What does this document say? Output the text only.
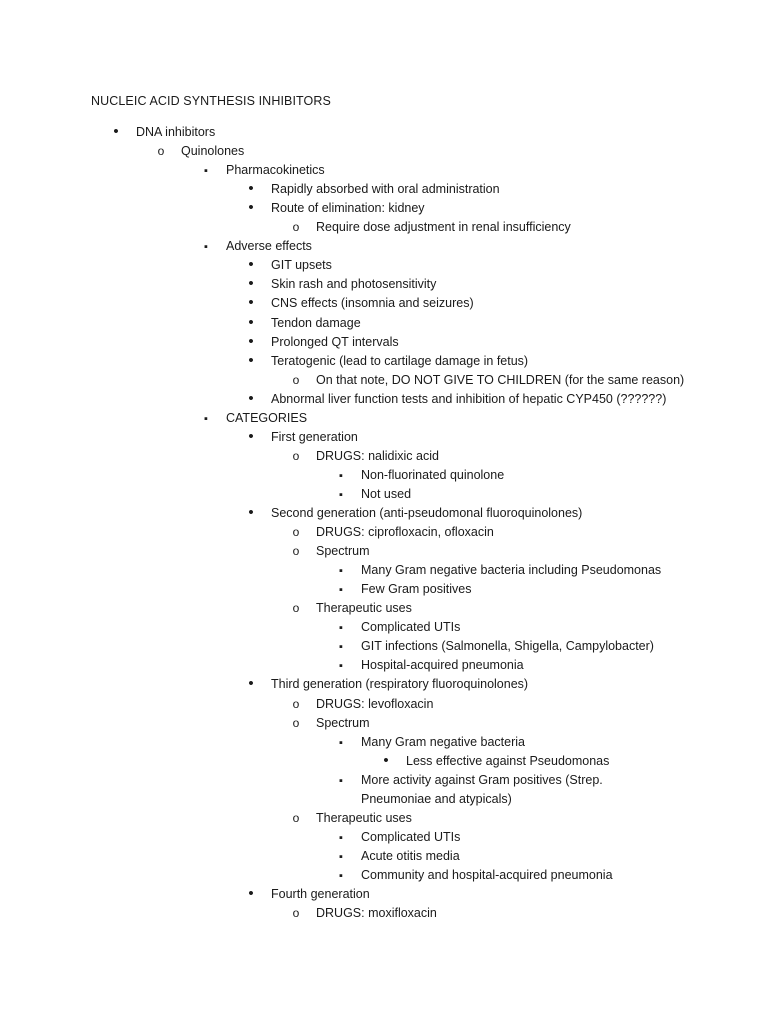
NUCLEIC ACID SYNTHESIS INHIBITORS
•
DNA inhibitors
o
Quinolones
▪
Pharmacokinetics
•
Rapidly absorbed with oral administration
•
Route of elimination: kidney
o
Require dose adjustment in renal insufficiency
▪
Adverse effects
•
GIT upsets
•
Skin rash and photosensitivity
•
CNS effects (insomnia and seizures)
•
Tendon damage
•
Prolonged QT intervals
•
Teratogenic (lead to cartilage damage in fetus)
o
On that note, DO NOT GIVE TO CHILDREN (for the same reason)
•
Abnormal liver function tests and inhibition of hepatic CYP450 (??????)
▪
CATEGORIES
•
First generation
o
DRUGS: nalidixic acid
▪
Non-fluorinated quinolone
▪
Not used
•
Second generation (anti-pseudomonal fluoroquinolones)
o
DRUGS: ciprofloxacin, ofloxacin
o
Spectrum
▪
Many Gram negative bacteria including Pseudomonas
▪
Few Gram positives
o
Therapeutic uses
▪
Complicated UTIs
▪
GIT infections (Salmonella, Shigella, Campylobacter)
▪
Hospital-acquired pneumonia
•
Third generation (respiratory fluoroquinolones)
o
DRUGS: levofloxacin
o
Spectrum
▪
Many Gram negative bacteria
•
Less effective against Pseudomonas
▪
More activity against Gram positives (Strep.
Pneumoniae and atypicals)
o
Therapeutic uses
▪
Complicated UTIs
▪
Acute otitis media
▪
Community and hospital-acquired pneumonia
•
Fourth generation
o
DRUGS: moxifloxacin
